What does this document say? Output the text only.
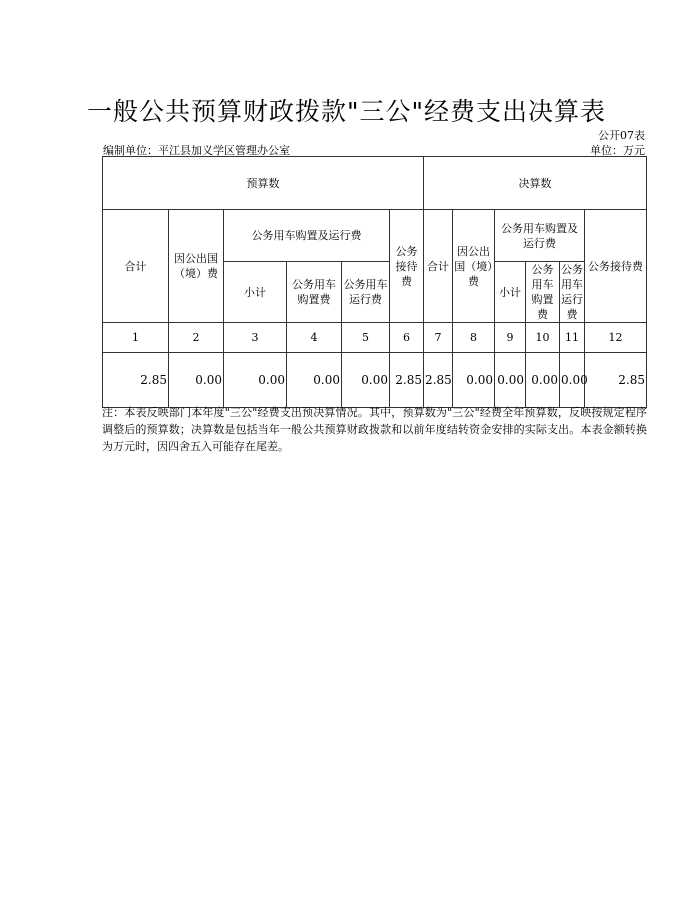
一般公共预算财政拨款"三公"经费支出决算表
公开07表
编制单位：平江县加义学区管理办公室	单位：万元
预算数						决算数					
合计	因公出国（境）费	公务用车购置及运行费			公务接待费	合计	因公出国（境）费	公务用车购置及运行费			公务接待费
		小计	公务用车购置费	公务用车运行费				小计	公务用车购置费	公务用车运行费	
1	2	3	4	5	6	7	8	9	10	11	12
2.85	0.00	0.00	0.00	0.00	2.85	2.85	0.00	0.00	0.00	0.00	2.85
注：本表反映部门本年度"三公"经费支出预决算情况。其中，预算数为"三公"经费全年预算数，反映按规定程序调整后的预算数；决算数是包括当年一般公共预算财政拨款和以前年度结转资金安排的实际支出。本表金额转换为万元时，因四舍五入可能存在尾差。
